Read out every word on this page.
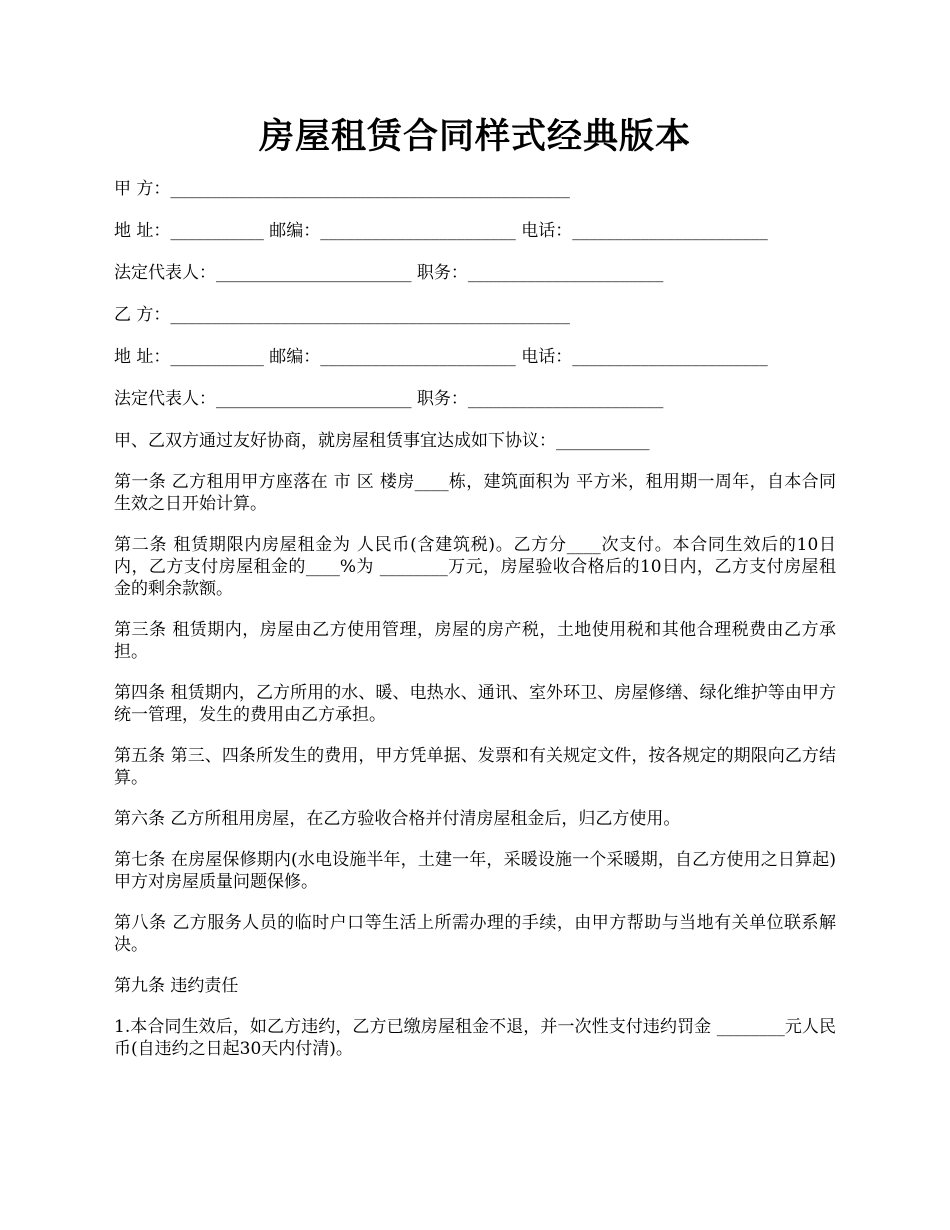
房屋租赁合同样式经典版本

甲 方：_______________________________________________

地 址：___________ 邮编：_______________________ 电话：_______________________

法定代表人：_______________________ 职务：_______________________

乙 方：_______________________________________________

地 址：___________ 邮编：_______________________ 电话：_______________________

法定代表人：_______________________ 职务：_______________________

甲、乙双方通过友好协商，就房屋租赁事宜达成如下协议：___________

第一条 乙方租用甲方座落在 市 区 楼房____栋，建筑面积为 平方米，租用期一周年，自本合同生效之日开始计算。

第二条 租赁期限内房屋租金为 人民币(含建筑税)。乙方分____次支付。本合同生效后的10日内，乙方支付房屋租金的____%为 ________万元，房屋验收合格后的10日内，乙方支付房屋租金的剩余款额。

第三条 租赁期内，房屋由乙方使用管理，房屋的房产税，土地使用税和其他合理税费由乙方承担。

第四条 租赁期内，乙方所用的水、暖、电热水、通讯、室外环卫、房屋修缮、绿化维护等由甲方统一管理，发生的费用由乙方承担。

第五条 第三、四条所发生的费用，甲方凭单据、发票和有关规定文件，按各规定的期限向乙方结算。

第六条 乙方所租用房屋，在乙方验收合格并付清房屋租金后，归乙方使用。

第七条 在房屋保修期内(水电设施半年，土建一年，采暖设施一个采暖期，自乙方使用之日算起)甲方对房屋质量问题保修。

第八条 乙方服务人员的临时户口等生活上所需办理的手续，由甲方帮助与当地有关单位联系解决。

第九条 违约责任

1.本合同生效后，如乙方违约，乙方已缴房屋租金不退，并一次性支付违约罚金 ________元人民币(自违约之日起30天内付清)。
